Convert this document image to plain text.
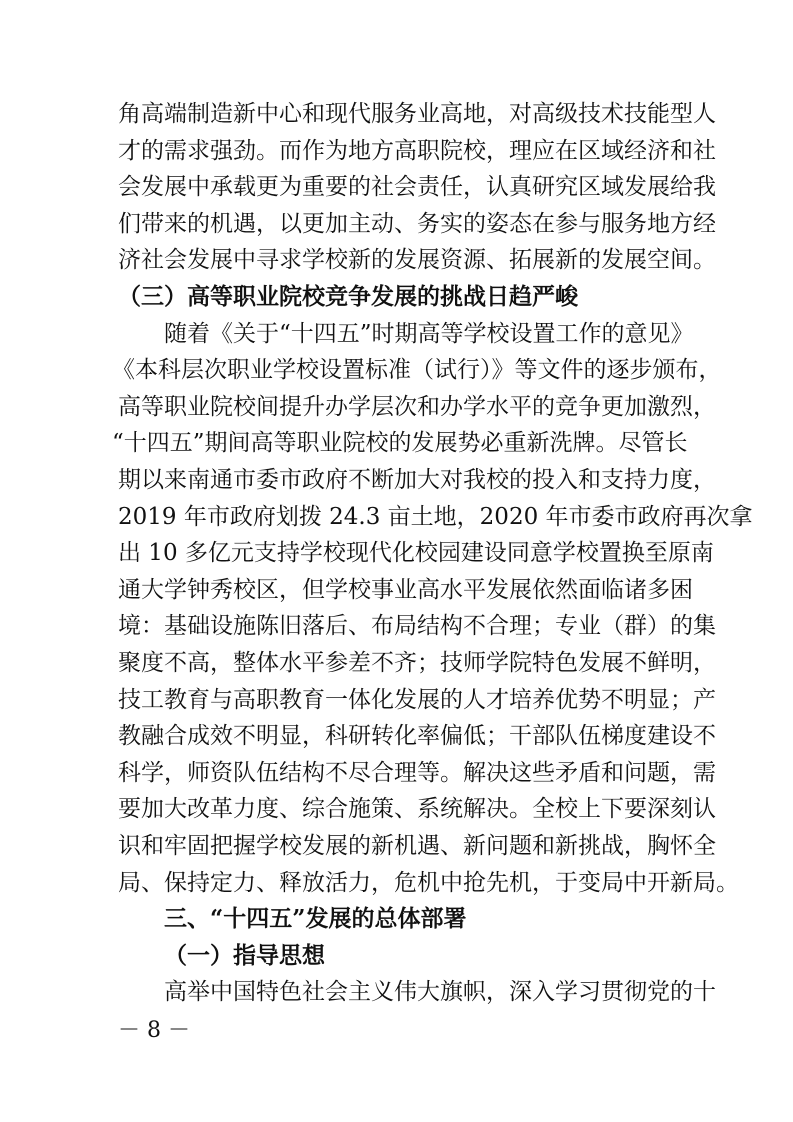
角高端制造新中心和现代服务业高地，对高级技术技能型人
才的需求强劲。而作为地方高职院校，理应在区域经济和社
会发展中承载更为重要的社会责任，认真研究区域发展给我
们带来的机遇，以更加主动、务实的姿态在参与服务地方经
济社会发展中寻求学校新的发展资源、拓展新的发展空间。
（三）高等职业院校竞争发展的挑战日趋严峻
随着《关于“十四五”时期高等学校设置工作的意见》
《本科层次职业学校设置标准（试行）》等文件的逐步颁布，
高等职业院校间提升办学层次和办学水平的竞争更加激烈，
“十四五”期间高等职业院校的发展势必重新洗牌。尽管长
期以来南通市委市政府不断加大对我校的投入和支持力度，
2019 年市政府划拨 24.3 亩土地，2020 年市委市政府再次拿
出 10 多亿元支持学校现代化校园建设同意学校置换至原南
通大学钟秀校区，但学校事业高水平发展依然面临诸多困
境：基础设施陈旧落后、布局结构不合理；专业（群）的集
聚度不高，整体水平参差不齐；技师学院特色发展不鲜明，
技工教育与高职教育一体化发展的人才培养优势不明显；产
教融合成效不明显，科研转化率偏低；干部队伍梯度建设不
科学，师资队伍结构不尽合理等。解决这些矛盾和问题，需
要加大改革力度、综合施策、系统解决。全校上下要深刻认
识和牢固把握学校发展的新机遇、新问题和新挑战，胸怀全
局、保持定力、释放活力，危机中抢先机，于变局中开新局。
三、“十四五”发展的总体部署
（一）指导思想
高举中国特色社会主义伟大旗帜，深入学习贯彻党的十
－ 8 －
